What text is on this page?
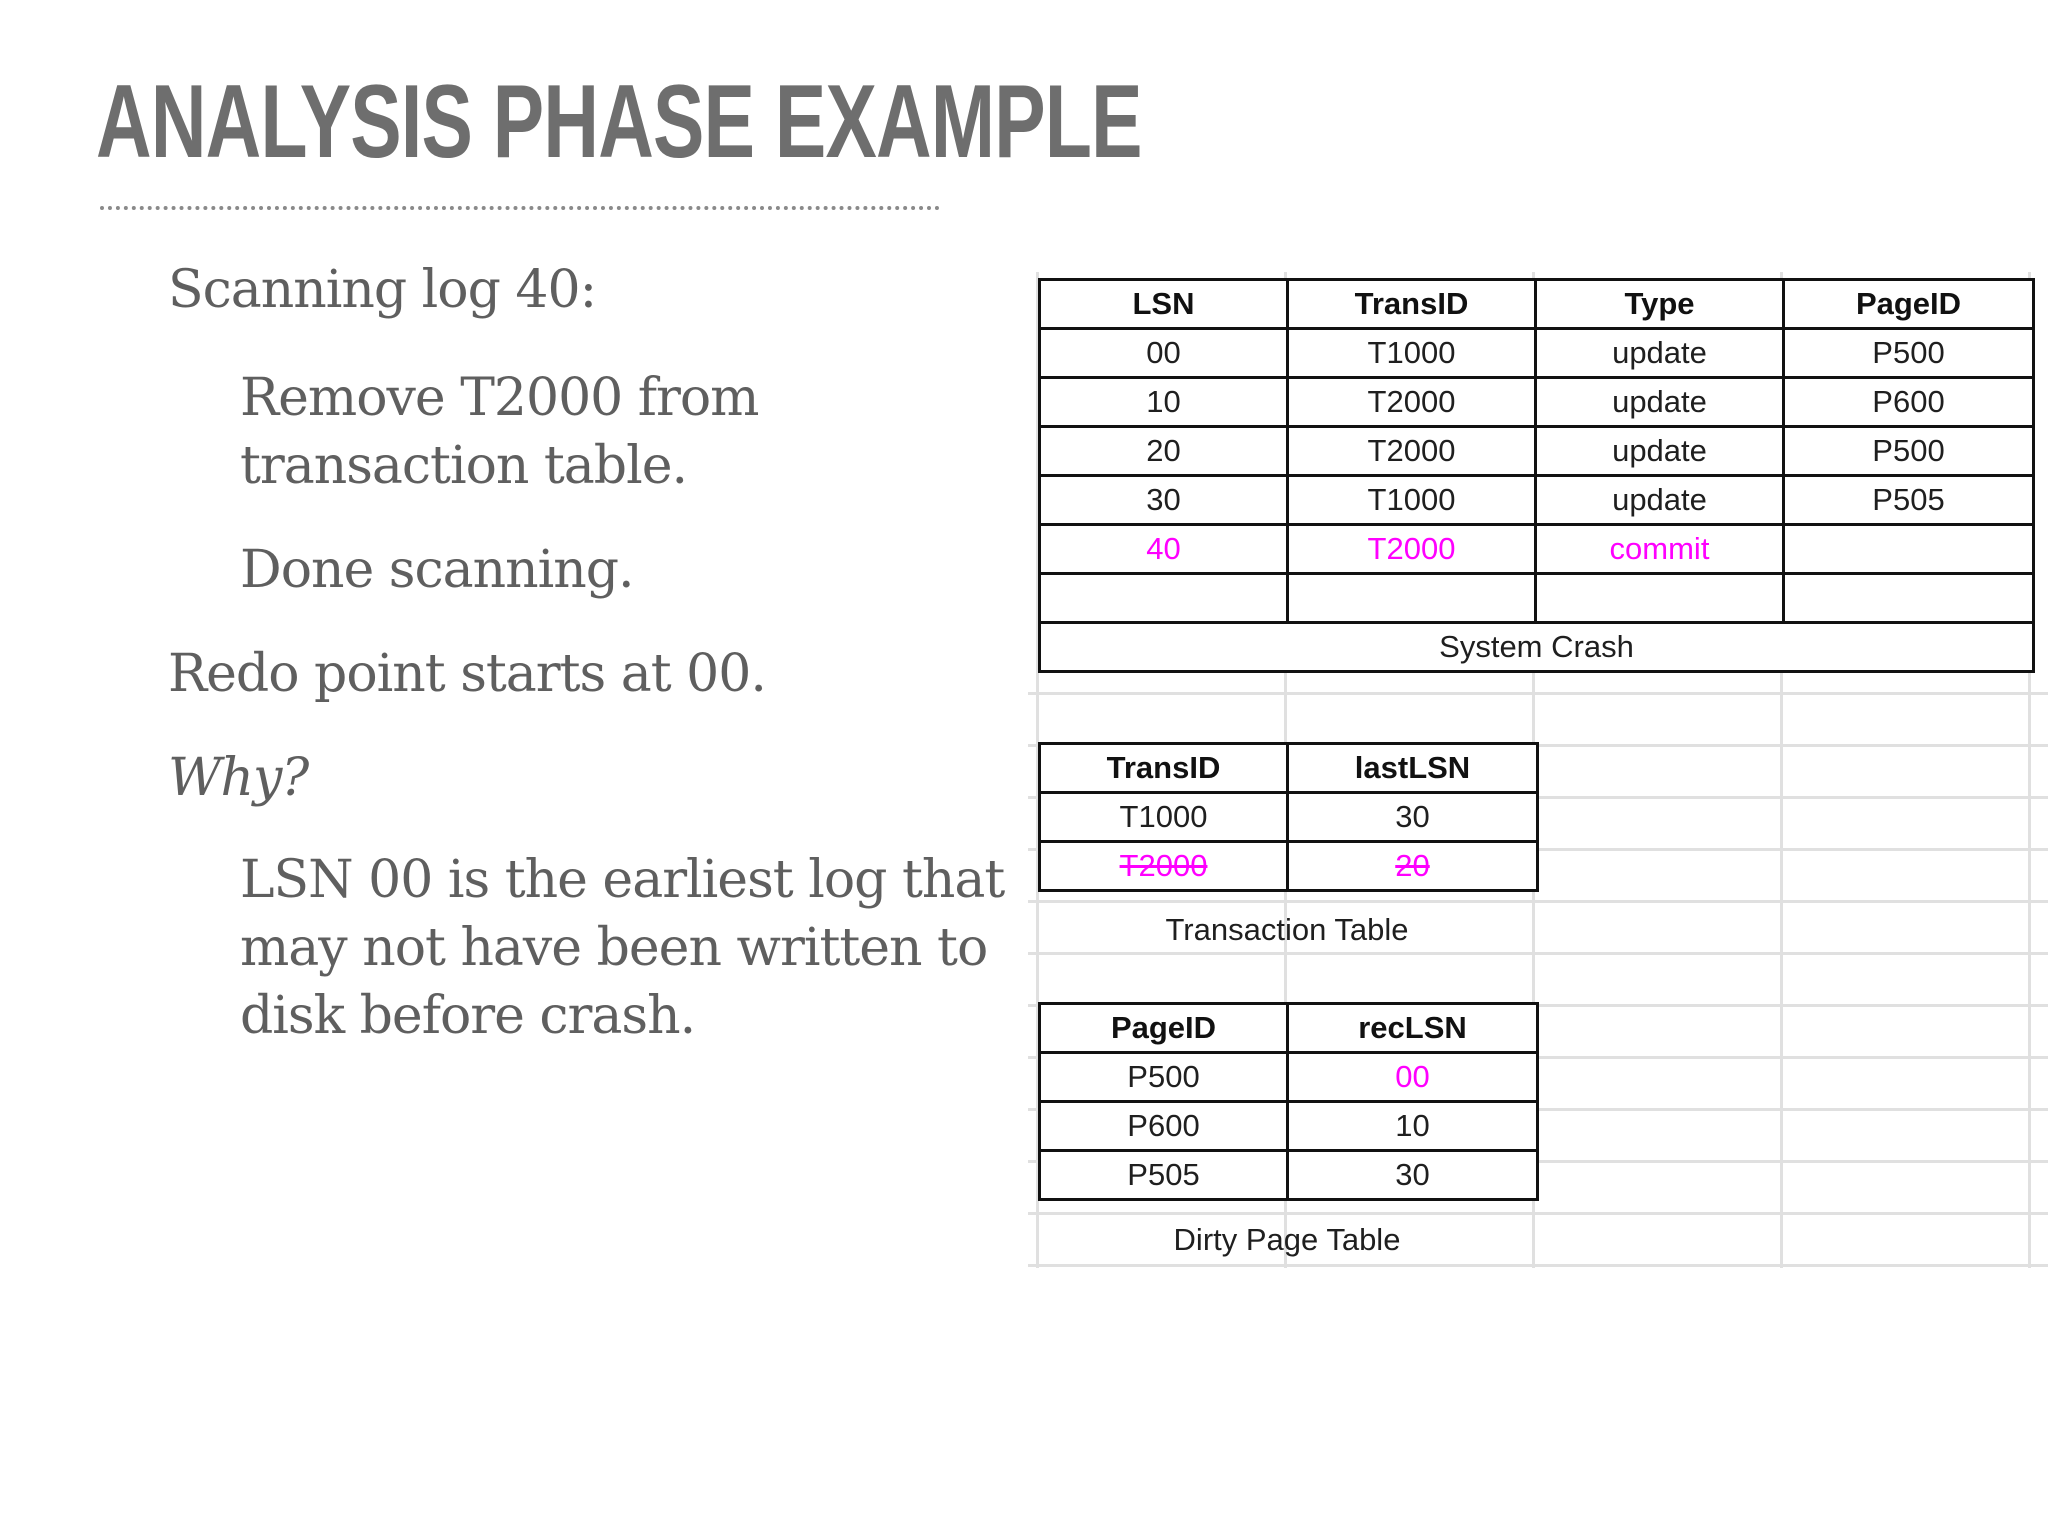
ANALYSIS PHASE EXAMPLE
Scanning log 40:
Remove T2000 from
transaction table.
Done scanning.
Redo point starts at 00.
Why?
LSN 00 is the earliest log that
may not have been written to
disk before crash.
LSN	TransID	Type	PageID
00	T1000	update	P500
10	T2000	update	P600
20	T2000	update	P500
30	T1000	update	P505
40	T2000	commit	

System Crash			
TransID	lastLSN
T1000	30
T2000	20
Transaction Table
PageID	recLSN
P500	00
P600	10
P505	30
Dirty Page Table
